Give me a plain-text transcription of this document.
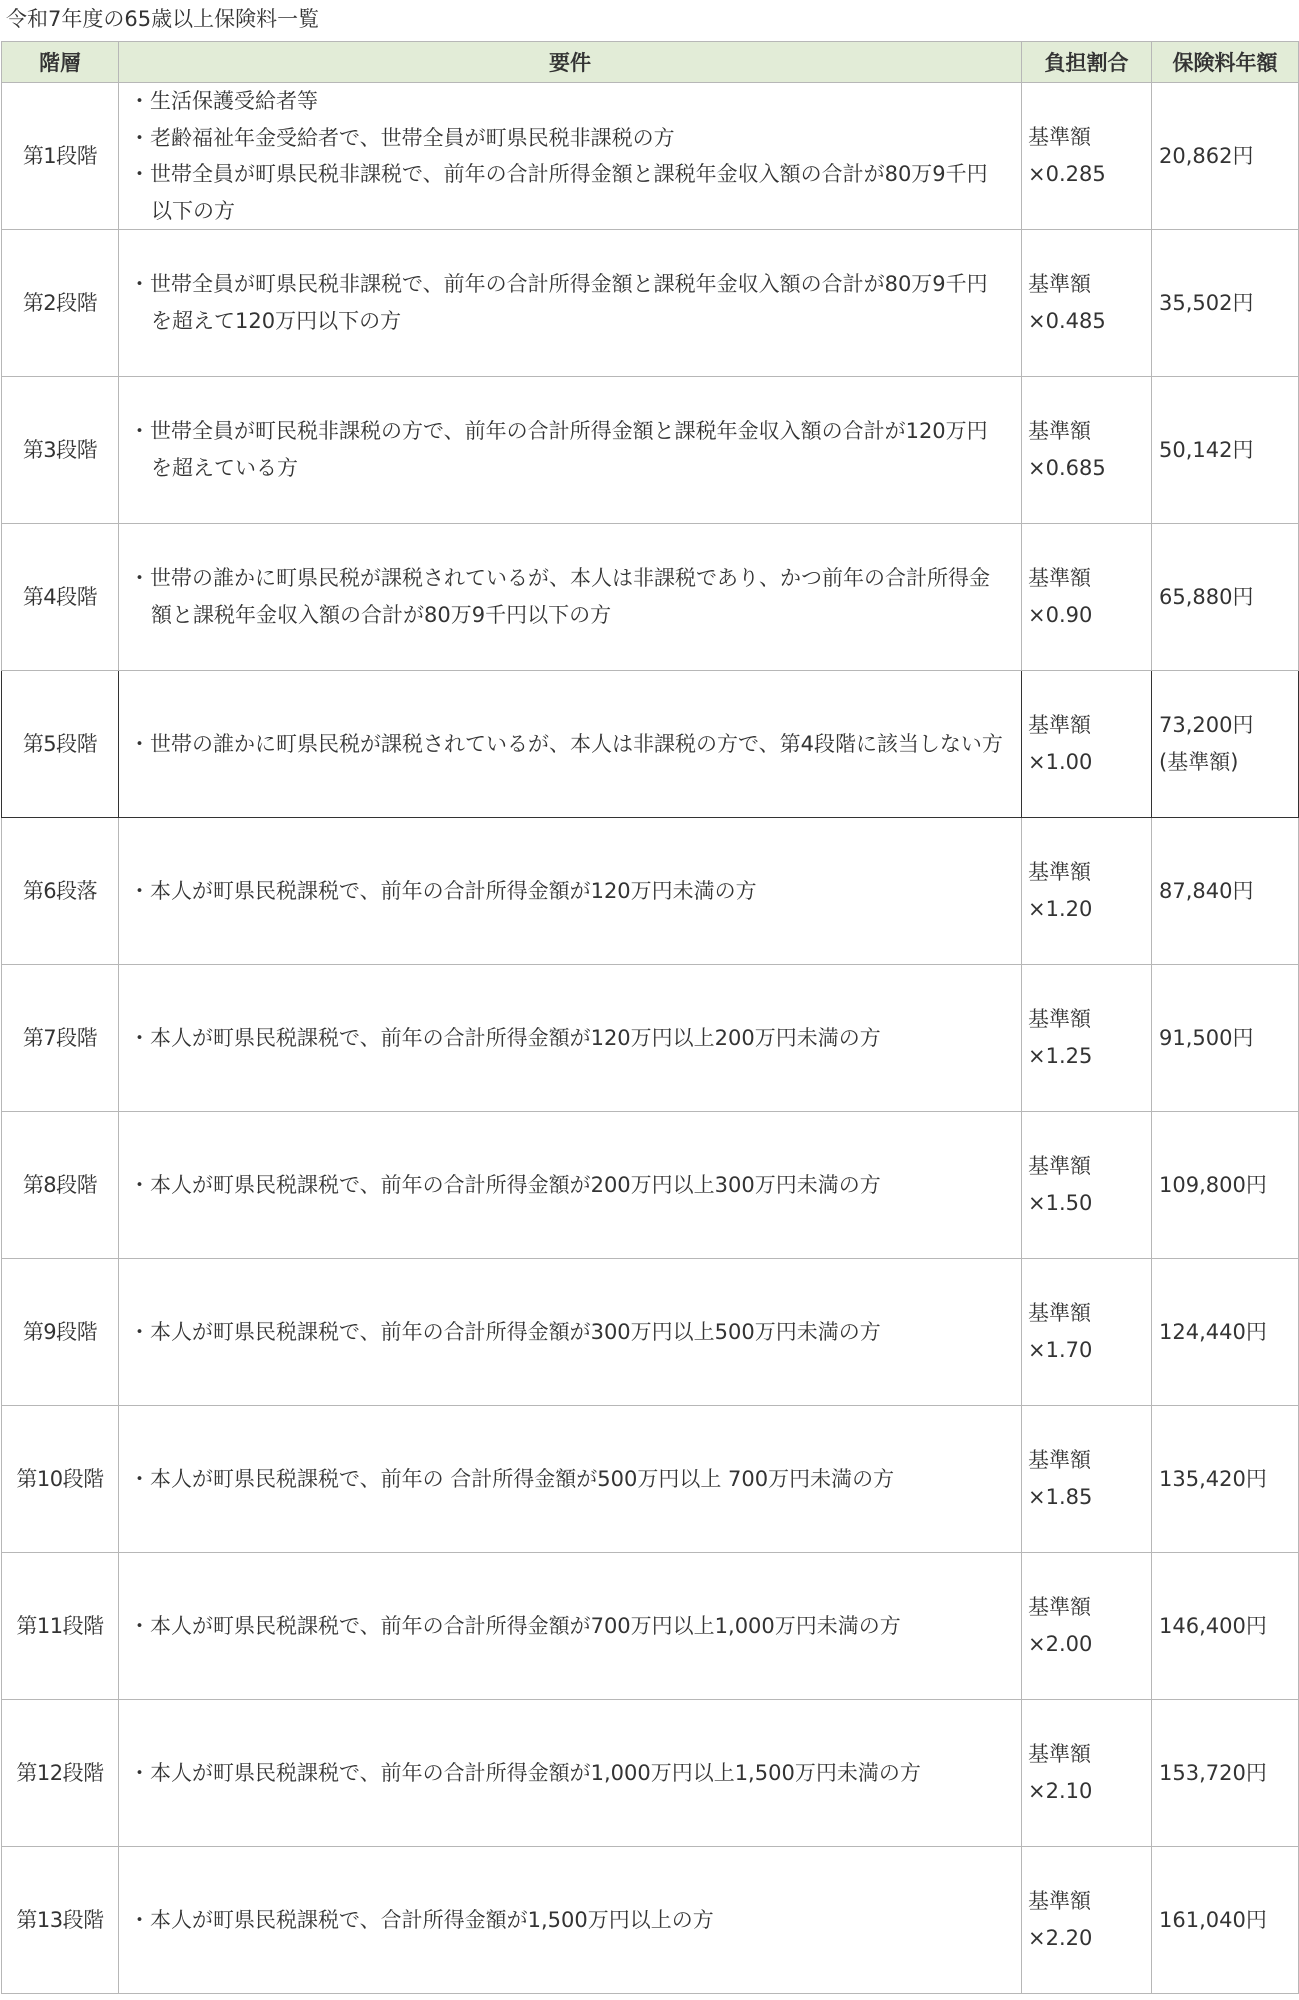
令和7年度の65歳以上保険料一覧
階層	要件	負担割合	保険料年額
第1段階	・生活保護受給者等
・老齢福祉年金受給者で、世帯全員が町県民税非課税の方
・世帯全員が町県民税非課税で、前年の合計所得金額と課税年金収入額の合計が80万9千円以下の方	基準額
×0.285	20,862円

第2段階	・世帯全員が町県民税非課税で、前年の合計所得金額と課税年金収入額の合計が80万9千円を超えて120万円以下の方	基準額
×0.485	35,502円

第3段階	・世帯全員が町民税非課税の方で、前年の合計所得金額と課税年金収入額の合計が120万円を超えている方	基準額
×0.685	50,142円

第4段階	・世帯の誰かに町県民税が課税されているが、本人は非課税であり、かつ前年の合計所得金額と課税年金収入額の合計が80万9千円以下の方	基準額
×0.90	65,880円

第5段階	・世帯の誰かに町県民税が課税されているが、本人は非課税の方で、第4段階に該当しない方	基準額
×1.00	73,200円
(基準額)

第6段落	・本人が町県民税課税で、前年の合計所得金額が120万円未満の方	基準額
×1.20	87,840円

第7段階	・本人が町県民税課税で、前年の合計所得金額が120万円以上200万円未満の方	基準額
×1.25	91,500円

第8段階	・本人が町県民税課税で、前年の合計所得金額が200万円以上300万円未満の方	基準額
×1.50	109,800円

第9段階	・本人が町県民税課税で、前年の合計所得金額が300万円以上500万円未満の方	基準額
×1.70	124,440円

第10段階	・本人が町県民税課税で、前年の 合計所得金額が500万円以上 700万円未満の方	基準額
×1.85	135,420円

第11段階	・本人が町県民税課税で、前年の合計所得金額が700万円以上1,000万円未満の方	基準額
×2.00	146,400円

第12段階	・本人が町県民税課税で、前年の合計所得金額が1,000万円以上1,500万円未満の方	基準額
×2.10	153,720円

第13段階	・本人が町県民税課税で、合計所得金額が1,500万円以上の方	基準額
×2.20	161,040円
